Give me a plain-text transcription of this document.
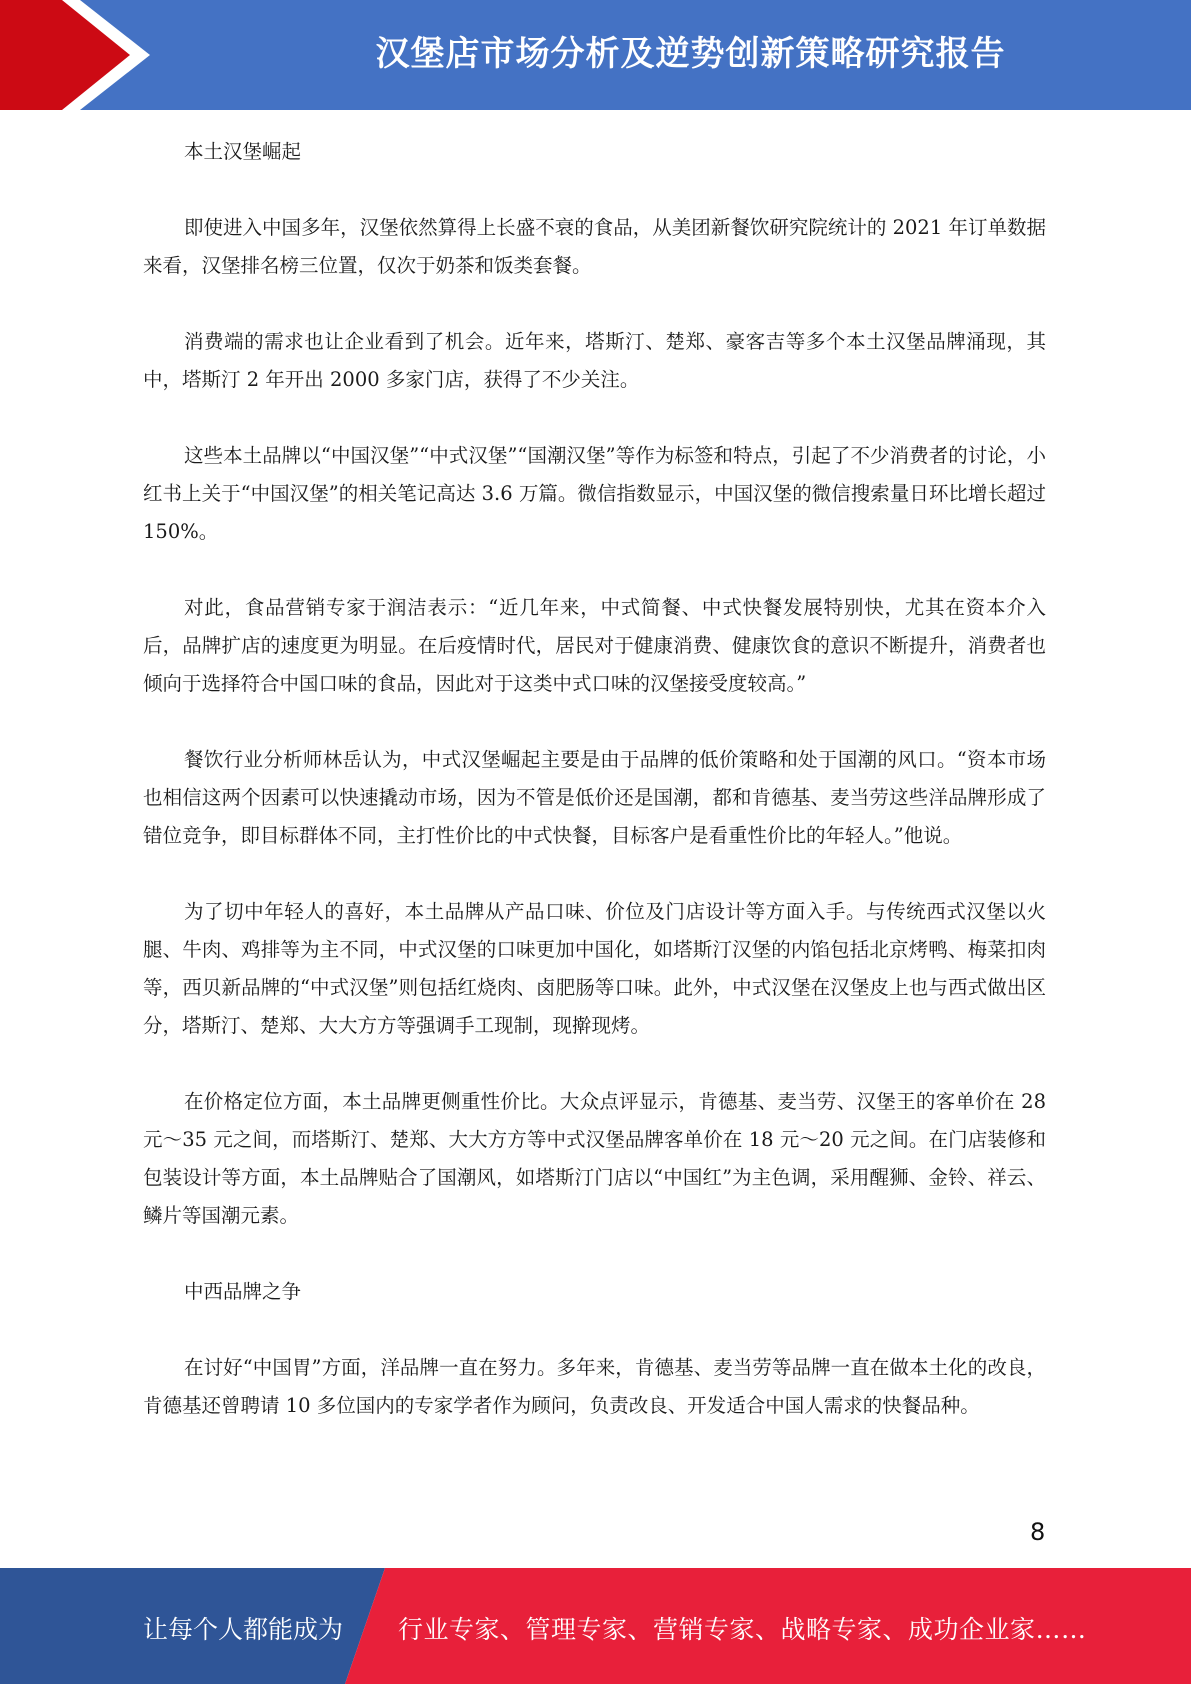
汉堡店市场分析及逆势创新策略研究报告

本土汉堡崛起

即使进入中国多年，汉堡依然算得上长盛不衰的食品，从美团新餐饮研究院统计的 2021 年订单数据来看，汉堡排名榜三位置，仅次于奶茶和饭类套餐。

消费端的需求也让企业看到了机会。近年来，塔斯汀、楚郑、豪客吉等多个本土汉堡品牌涌现，其中，塔斯汀 2 年开出 2000 多家门店，获得了不少关注。

这些本土品牌以“中国汉堡”“中式汉堡”“国潮汉堡”等作为标签和特点，引起了不少消费者的讨论，小红书上关于“中国汉堡”的相关笔记高达 3.6 万篇。微信指数显示，中国汉堡的微信搜索量日环比增长超过 150%。

对此，食品营销专家于润洁表示：“近几年来，中式简餐、中式快餐发展特别快，尤其在资本介入后，品牌扩店的速度更为明显。在后疫情时代，居民对于健康消费、健康饮食的意识不断提升，消费者也倾向于选择符合中国口味的食品，因此对于这类中式口味的汉堡接受度较高。”

餐饮行业分析师林岳认为，中式汉堡崛起主要是由于品牌的低价策略和处于国潮的风口。“资本市场也相信这两个因素可以快速撬动市场，因为不管是低价还是国潮，都和肯德基、麦当劳这些洋品牌形成了错位竞争，即目标群体不同，主打性价比的中式快餐，目标客户是看重性价比的年轻人。”他说。

为了切中年轻人的喜好，本土品牌从产品口味、价位及门店设计等方面入手。与传统西式汉堡以火腿、牛肉、鸡排等为主不同，中式汉堡的口味更加中国化，如塔斯汀汉堡的内馅包括北京烤鸭、梅菜扣肉等，西贝新品牌的“中式汉堡”则包括红烧肉、卤肥肠等口味。此外，中式汉堡在汉堡皮上也与西式做出区分，塔斯汀、楚郑、大大方方等强调手工现制，现擀现烤。

在价格定位方面，本土品牌更侧重性价比。大众点评显示，肯德基、麦当劳、汉堡王的客单价在 28 元～35 元之间，而塔斯汀、楚郑、大大方方等中式汉堡品牌客单价在 18 元～20 元之间。在门店装修和包装设计等方面，本土品牌贴合了国潮风，如塔斯汀门店以“中国红”为主色调，采用醒狮、金铃、祥云、鳞片等国潮元素。

中西品牌之争

在讨好“中国胃”方面，洋品牌一直在努力。多年来，肯德基、麦当劳等品牌一直在做本土化的改良，肯德基还曾聘请 10 多位国内的专家学者作为顾问，负责改良、开发适合中国人需求的快餐品种。

8
让每个人都能成为 行业专家、管理专家、营销专家、战略专家、成功企业家……
